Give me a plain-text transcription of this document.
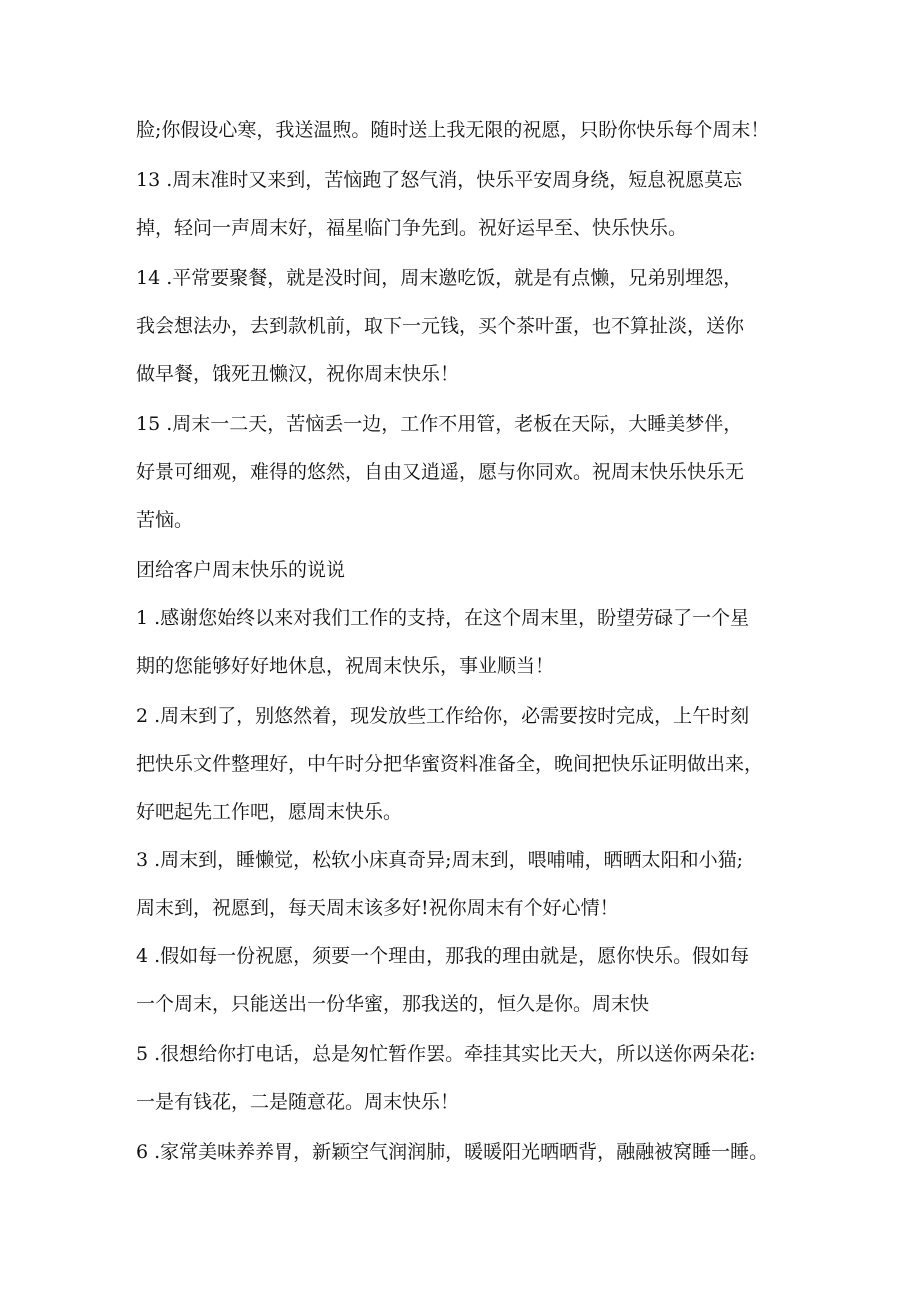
脸;你假设心寒，我送温煦。随时送上我无限的祝愿，只盼你快乐每个周末！
13 .周末准时又来到，苦恼跑了怒气消，快乐平安周身绕，短息祝愿莫忘
掉，轻问一声周末好，福星临门争先到。祝好运早至、快乐快乐。
14 .平常要聚餐，就是没时间，周末邀吃饭，就是有点懒，兄弟别埋怨，
我会想法办，去到款机前，取下一元钱，买个茶叶蛋，也不算扯淡，送你
做早餐，饿死丑懒汉，祝你周末快乐！
15 .周末一二天，苦恼丢一边，工作不用管，老板在天际，大睡美梦伴，
好景可细观，难得的悠然，自由又逍遥，愿与你同欢。祝周末快乐快乐无
苦恼。
团给客户周末快乐的说说
1 .感谢您始终以来对我们工作的支持，在这个周末里，盼望劳碌了一个星
期的您能够好好地休息，祝周末快乐，事业顺当！
2 .周末到了，别悠然着，现发放些工作给你，必需要按时完成，上午时刻
把快乐文件整理好，中午时分把华蜜资料准备全，晚间把快乐证明做出来，
好吧起先工作吧，愿周末快乐。
3 .周末到，睡懒觉，松软小床真奇异;周末到，喂哺哺，晒晒太阳和小猫;
周末到，祝愿到，每天周末该多好!祝你周末有个好心情！
4 .假如每一份祝愿，须要一个理由，那我的理由就是，愿你快乐。假如每
一个周末，只能送出一份华蜜，那我送的，恒久是你。周末快
5 .很想给你打电话，总是匆忙暂作罢。牵挂其实比天大，所以送你两朵花:
一是有钱花，二是随意花。周末快乐！
6 .家常美味养养胃，新颖空气润润肺，暖暖阳光晒晒背，融融被窝睡一睡。
